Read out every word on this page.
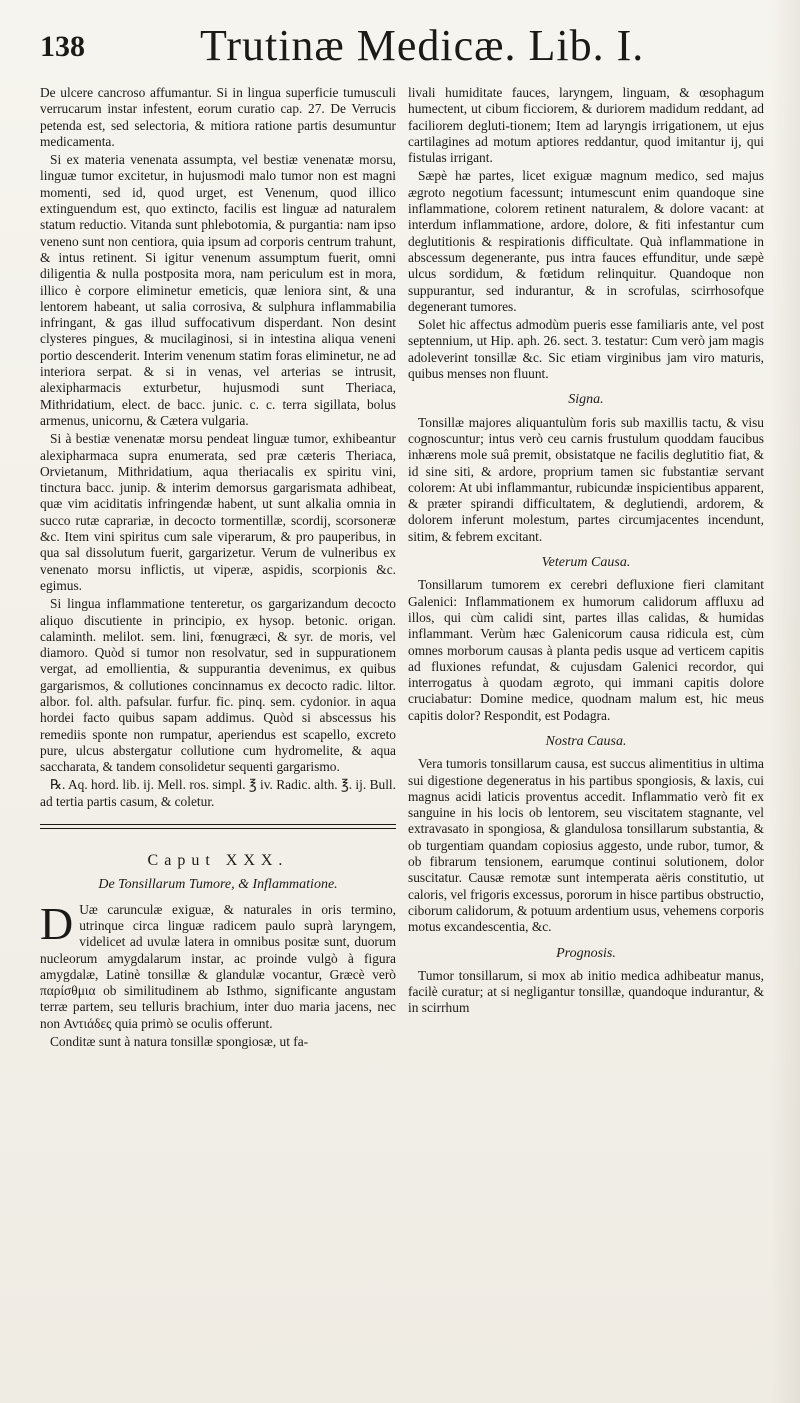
138	Trutinæ Medicæ. Lib. I.

De ulcere cancroso affumantur. Si in lingua superficie tumusculi verrucarum instar infestent, eorum curatio cap. 27. De Verrucis petenda est, sed selectoria, & mitiora ratione partis desumuntur medicamenta.

Si ex materia venenata assumpta, vel bestiæ venenatæ morsu, linguæ tumor excitetur, in hujusmodi malo tumor non est magni momenti, sed id, quod urget, est Venenum, quod illico extinguendum est, quo extincto, facilis est linguæ ad naturalem statum reductio. Vitanda sunt phlebotomia, & purgantia: nam ipso veneno sunt non centiora, quia ipsum ad corporis centrum trahunt, & intus retinent. Si igitur venenum assumptum fuerit, omni diligentia & nulla postposita mora, nam periculum est in mora, illico è corpore eliminetur emeticis, quæ leniora sint, & una lentorem habeant, ut salia corrosiva, & sulphura inflammabilia infringant, & gas illud suffocativum disperdant. Non desint clysteres pingues, & mucilaginosi, si in intestina aliqua veneni portio descenderit. Interim venenum statim foras eliminetur, ne ad interiora serpat. & si in venas, vel arterias se intrusit, alexipharmacis exturbetur, hujusmodi sunt Theriaca, Mithridatium, elect. de bacc. junic. c. c. terra sigillata, bolus armenus, unicornu, & Cætera vulgaria.

Si à bestiæ venenatæ morsu pendeat linguæ tumor, exhibeantur alexipharmaca supra enumerata, sed præ cæteris Theriaca, Orvietanum, Mithridatium, aqua theriacalis ex spiritu vini, tinctura bacc. junip. & interim demorsus gargarismata adhibeat, quæ vim aciditatis infringendæ habent, ut sunt alkalia omnia in succo rutæ caprariæ, in decocto tormentillæ, scordij, scorsoneræ &c. Item vini spiritus cum sale viperarum, & pro pauperibus, in qua sal dissolutum fuerit, gargarizetur. Verum de vulneribus ex venenato morsu inflictis, ut viperæ, aspidis, scorpionis &c. egimus.

Si lingua inflammatione tenteretur, os gargarizandum decocto aliquo discutiente in principio, ex hysop. betonic. origan. calaminth. melilot. sem. lini, fœnugræci, & syr. de moris, vel diamoro. Quòd si tumor non resolvatur, sed in suppurationem vergat, ad emollientia, & suppurantia devenimus, ex quibus gargarismos, & collutiones concinnamus ex decocto radic. liltor. albor. fol. alth. pafsular. furfur. fic. pinq. sem. cydonior. in aqua hordei facto quibus sapam addimus. Quòd si abscessus his remediis sponte non rumpatur, aperiendus est scapello, excreto pure, ulcus abstergatur collutione cum hydromelite, & aqua saccharata, & tandem consolidetur sequenti gargarismo.

℞. Aq. hord. lib. ij. Mell. ros. simpl. ℥ iv. Radic. alth. ℥. ij. Bull. ad tertia partis casum, & coletur.

Caput XXX.
De Tonsillarum Tumore, & Inflammatione.

D Uæ carunculæ exiguæ, & naturales in oris termino, utrinque circa linguæ radicem paulo suprà laryngem, videlicet ad uvulæ latera in omnibus positæ sunt, duorum nucleorum amygdalarum instar, ac proinde vulgò à figura amygdalæ, Latinè tonsillæ & glandulæ vocantur, Græcè verò παρίσθμια ob similitudinem ab Isthmo, significante angustam terræ partem, seu telluris brachium, inter duo maria jacens, nec non Αντιάδες quia primò se oculis offerunt.

Conditæ sunt à natura tonsillæ spongiosæ, ut fa-

livali humiditate fauces, laryngem, linguam, & œsophagum humectent, ut cibum ficciorem, & duriorem madidum reddant, ad faciliorem degluti-tionem; Item ad laryngis irrigationem, ut ejus cartilagines ad motum aptiores reddantur, quod imitantur ij, qui fistulas irrigant.

Sæpè hæ partes, licet exiguæ magnum medico, sed majus ægroto negotium facessunt; intumescunt enim quandoque sine inflammatione, colorem retinent naturalem, & dolore vacant: at interdum inflammatione, ardore, dolore, & fiti infestantur cum deglutitionis & respirationis difficultate. Quà inflammatione in abscessum degenerante, pus intra fauces effunditur, unde sæpè ulcus sordidum, & fœtidum relinquitur. Quandoque non suppurantur, sed indurantur, & in scrofulas, scirrhosofque degenerant tumores.

Solet hic affectus admodùm pueris esse familiaris ante, vel post septennium, ut Hip. aph. 26. sect. 3. testatur: Cum verò jam magis adoleverint tonsillæ &c. Sic etiam virginibus jam viro maturis, quibus menses non fluunt.

Signa.

Tonsillæ majores aliquantulùm foris sub maxillis tactu, & visu cognoscuntur; intus verò ceu carnis frustulum quoddam faucibus inhærens mole suâ premit, obsistatque ne facilis deglutitio fiat, & id sine siti, & ardore, proprium tamen sic fubstantiæ servant colorem: At ubi inflammantur, rubicundæ inspicientibus apparent, & præter spirandi difficultatem, & deglutiendi, ardorem, & dolorem inferunt molestum, partes circumjacentes incendunt, sitim, & febrem excitant.

Veterum Causa.

Tonsillarum tumorem ex cerebri defluxione fieri clamitant Galenici: Inflammationem ex humorum calidorum affluxu ad illos, qui cùm calidi sint, partes illas calidas, & humidas inflammant. Verùm hæc Galenicorum causa ridicula est, cùm omnes morborum causas à planta pedis usque ad verticem capitis ad fluxiones refundat, & cujusdam Galenici recordor, qui interrogatus à quodam ægroto, qui immani capitis dolore cruciabatur: Domine medice, quodnam malum est, hic meus capitis dolor? Respondit, est Podagra.

Nostra Causa.

Vera tumoris tonsillarum causa, est succus alimentitius in ultima sui digestione degeneratus in his partibus spongiosis, & laxis, cui magnus acidi laticis proventus accedit. Inflammatio verò fit ex sanguine in his locis ob lentorem, seu viscitatem stagnante, vel extravasato in spongiosa, & glandulosa tonsillarum substantia, & ob turgentiam quandam copiosius aggesto, unde rubor, tumor, & ob fibrarum tensionem, earumque continui solutionem, dolor suscitatur. Causæ remotæ sunt intemperata aëris constitutio, ut caloris, vel frigoris excessus, pororum in hisce partibus obstructio, ciborum calidorum, & potuum ardentium usus, vehemens corporis motus excandescentia, &c.

Prognosis.

Tumor tonsillarum, si mox ab initio medica adhibeatur manus, facilè curatur; at si negligantur tonsillæ, quandoque indurantur, & in scirrhum
